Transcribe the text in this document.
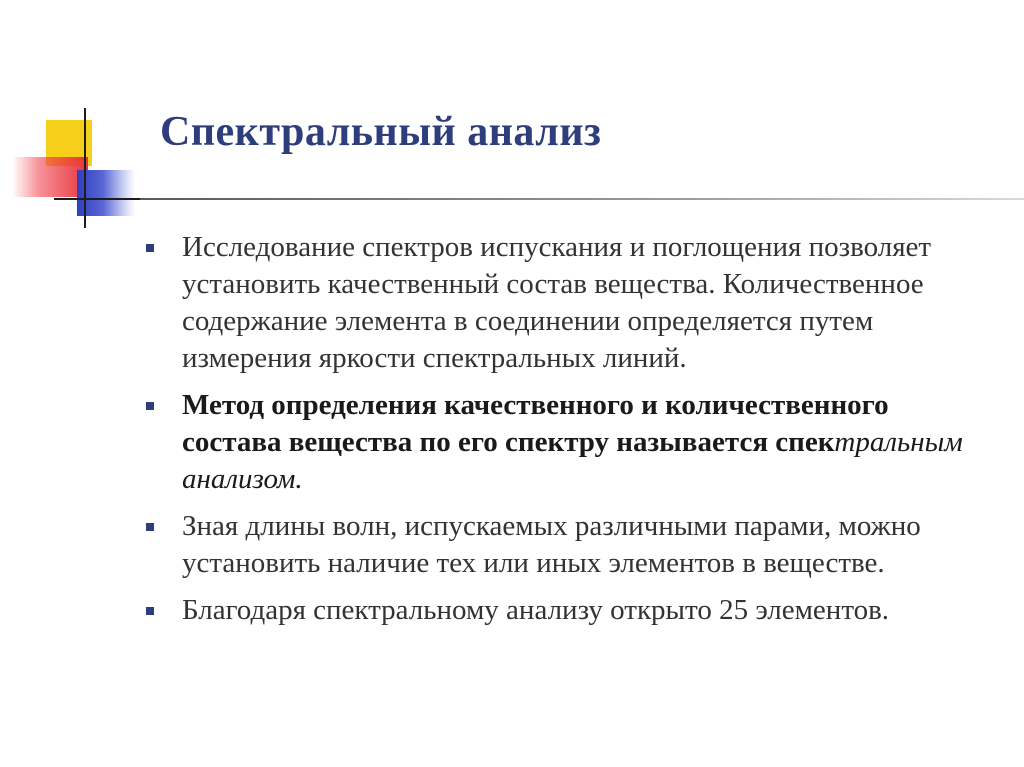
Спектральный анализ
Исследование спектров испускания и поглощения позволяет установить качественный состав вещества. Количественное содержание элемента в соединении определяется путем измерения яркости спектральных линий.
Метод определения качественного и количественного состава вещества по его спектру называется спектральным анализом.
Зная длины волн, испускаемых различными парами, можно установить наличие тех или иных элементов в веществе.
Благодаря спектральному анализу открыто 25 элементов.
